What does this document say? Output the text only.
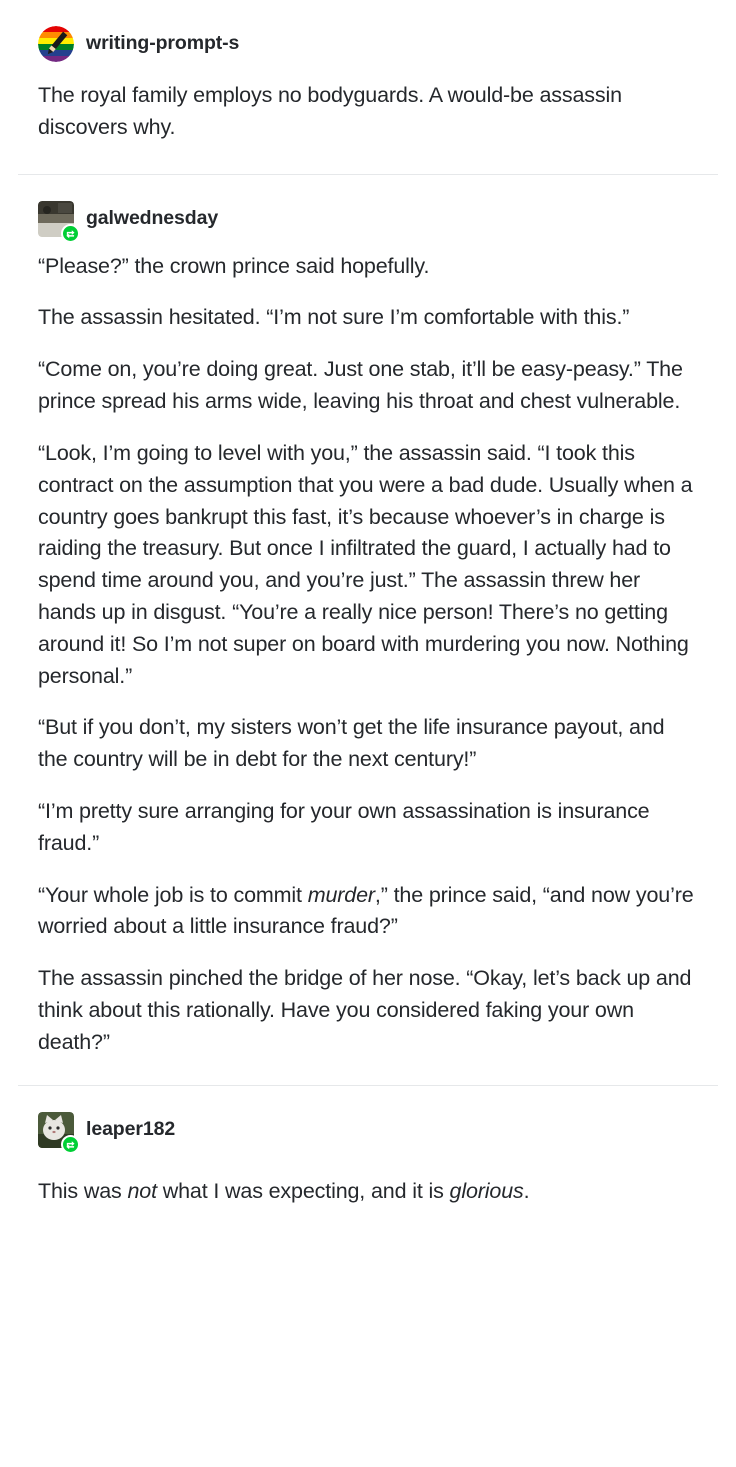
writing-prompt-s

The royal family employs no bodyguards. A would-be assassin discovers why.

galwednesday

“Please?” the crown prince said hopefully.

The assassin hesitated. “I’m not sure I’m comfortable with this.”

“Come on, you’re doing great. Just one stab, it’ll be easy-peasy.” The prince spread his arms wide, leaving his throat and chest vulnerable.

“Look, I’m going to level with you,” the assassin said. “I took this contract on the assumption that you were a bad dude. Usually when a country goes bankrupt this fast, it’s because whoever’s in charge is raiding the treasury. But once I infiltrated the guard, I actually had to spend time around you, and you’re just.” The assassin threw her hands up in disgust. “You’re a really nice person! There’s no getting around it! So I’m not super on board with murdering you now. Nothing personal.”

“But if you don’t, my sisters won’t get the life insurance payout, and the country will be in debt for the next century!”

“I’m pretty sure arranging for your own assassination is insurance fraud.”

“Your whole job is to commit murder,” the prince said, “and now you’re worried about a little insurance fraud?”

The assassin pinched the bridge of her nose. “Okay, let’s back up and think about this rationally. Have you considered faking your own death?”

leaper182

This was not what I was expecting, and it is glorious.
